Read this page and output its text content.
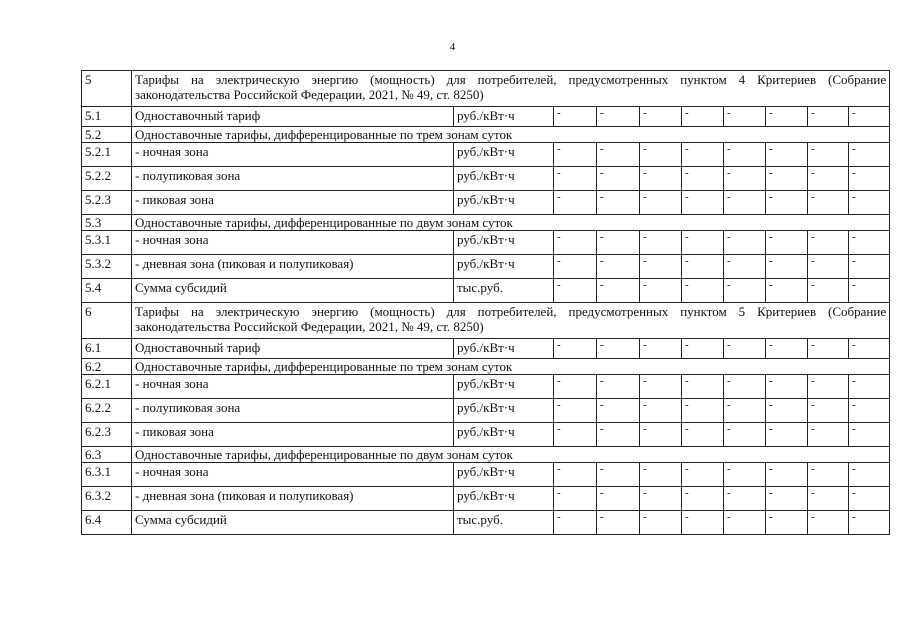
4
5	Тарифы на электрическую энергию (мощность) для потребителей, предусмотренных пунктом 4 Критериев (Собрание законодательства Российской Федерации, 2021, № 49, ст. 8250)									
5.1	Одноставочный тариф	руб./кВт·ч	-	-	-	-	-	-	-	-
5.2	Одноставочные тарифы, дифференцированные по трем зонам суток									
5.2.1	- ночная зона	руб./кВт·ч	-	-	-	-	-	-	-	-
5.2.2	- полупиковая зона	руб./кВт·ч	-	-	-	-	-	-	-	-
5.2.3	- пиковая зона	руб./кВт·ч	-	-	-	-	-	-	-	-
5.3	Одноставочные тарифы, дифференцированные по двум зонам суток									
5.3.1	- ночная зона	руб./кВт·ч	-	-	-	-	-	-	-	-
5.3.2	- дневная зона (пиковая и полупиковая)	руб./кВт·ч	-	-	-	-	-	-	-	-
5.4	Сумма субсидий	тыс.руб.	-	-	-	-	-	-	-	-
6	Тарифы на электрическую энергию (мощность) для потребителей, предусмотренных пунктом 5 Критериев (Собрание законодательства Российской Федерации, 2021, № 49, ст. 8250)									
6.1	Одноставочный тариф	руб./кВт·ч	-	-	-	-	-	-	-	-
6.2	Одноставочные тарифы, дифференцированные по трем зонам суток									
6.2.1	- ночная зона	руб./кВт·ч	-	-	-	-	-	-	-	-
6.2.2	- полупиковая зона	руб./кВт·ч	-	-	-	-	-	-	-	-
6.2.3	- пиковая зона	руб./кВт·ч	-	-	-	-	-	-	-	-
6.3	Одноставочные тарифы, дифференцированные по двум зонам суток									
6.3.1	- ночная зона	руб./кВт·ч	-	-	-	-	-	-	-	-
6.3.2	- дневная зона (пиковая и полупиковая)	руб./кВт·ч	-	-	-	-	-	-	-	-
6.4	Сумма субсидий	тыс.руб.	-	-	-	-	-	-	-	-
